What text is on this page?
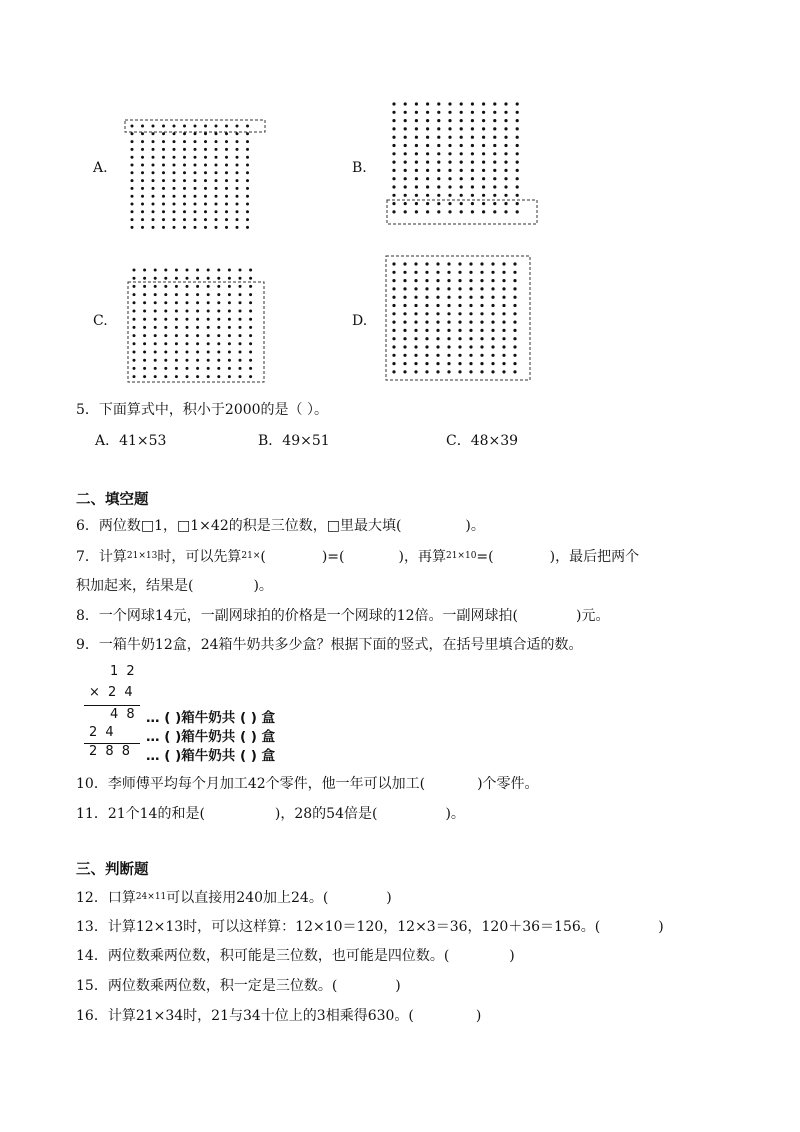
A.	B.
C.	D.
5．下面算式中，积小于2000的是（ ）。
A．41×53	B．49×51	C．48×39
二、填空题
6．两位数□1，□1×42的积是三位数，□里最大填(	)。
7．计算$^{21\times 13}$时，可以先算$^{21\times}$(	)=(	)，再算$^{21\times 10}$=(	)，最后把两个
积加起来，结果是(	)。
8．一个网球14元，一副网球拍的价格是一个网球的12倍。一副网球拍(	)元。
9．一箱牛奶12盒，24箱牛奶共多少盒？根据下面的竖式，在括号里填合适的数。
1 2
× 2 4
4 8 … ( )箱牛奶共 ( ) 盒
2 4 … ( )箱牛奶共 ( ) 盒
2 8 8 … ( )箱牛奶共 ( ) 盒
10．李师傅平均每个月加工42个零件，他一年可以加工(	)个零件。
11．21个14的和是(	)，28的54倍是(	)。
三、判断题
12．口算$^{24\times 11}$可以直接用240加上24。(	)
13．计算12×13时，可以这样算：12×10＝120，12×3＝36，120＋36＝156。(	)
14．两位数乘两位数，积可能是三位数，也可能是四位数。(	)
15．两位数乘两位数，积一定是三位数。(	)
16．计算21×34时，21与34十位上的3相乘得630。(	)
